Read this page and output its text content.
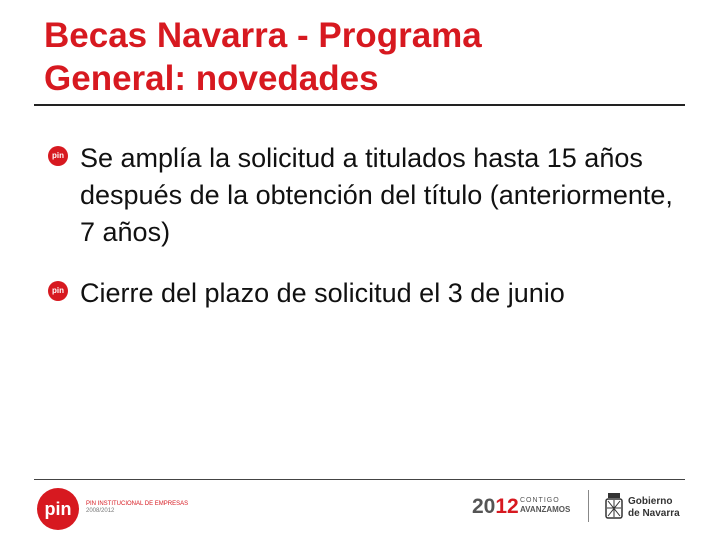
Becas Navarra - Programa
General: novedades
pin Se amplía la solicitud a titulados hasta 15 años después de la obtención del título (anteriormente, 7 años)
pin Cierre del plazo de solicitud el 3 de junio
pin	PIN INSTITUCIONAL DE EMPRESAS
2008/2012	2012 CONTIGO
AVANZAMOS
Gobierno
de Navarra
